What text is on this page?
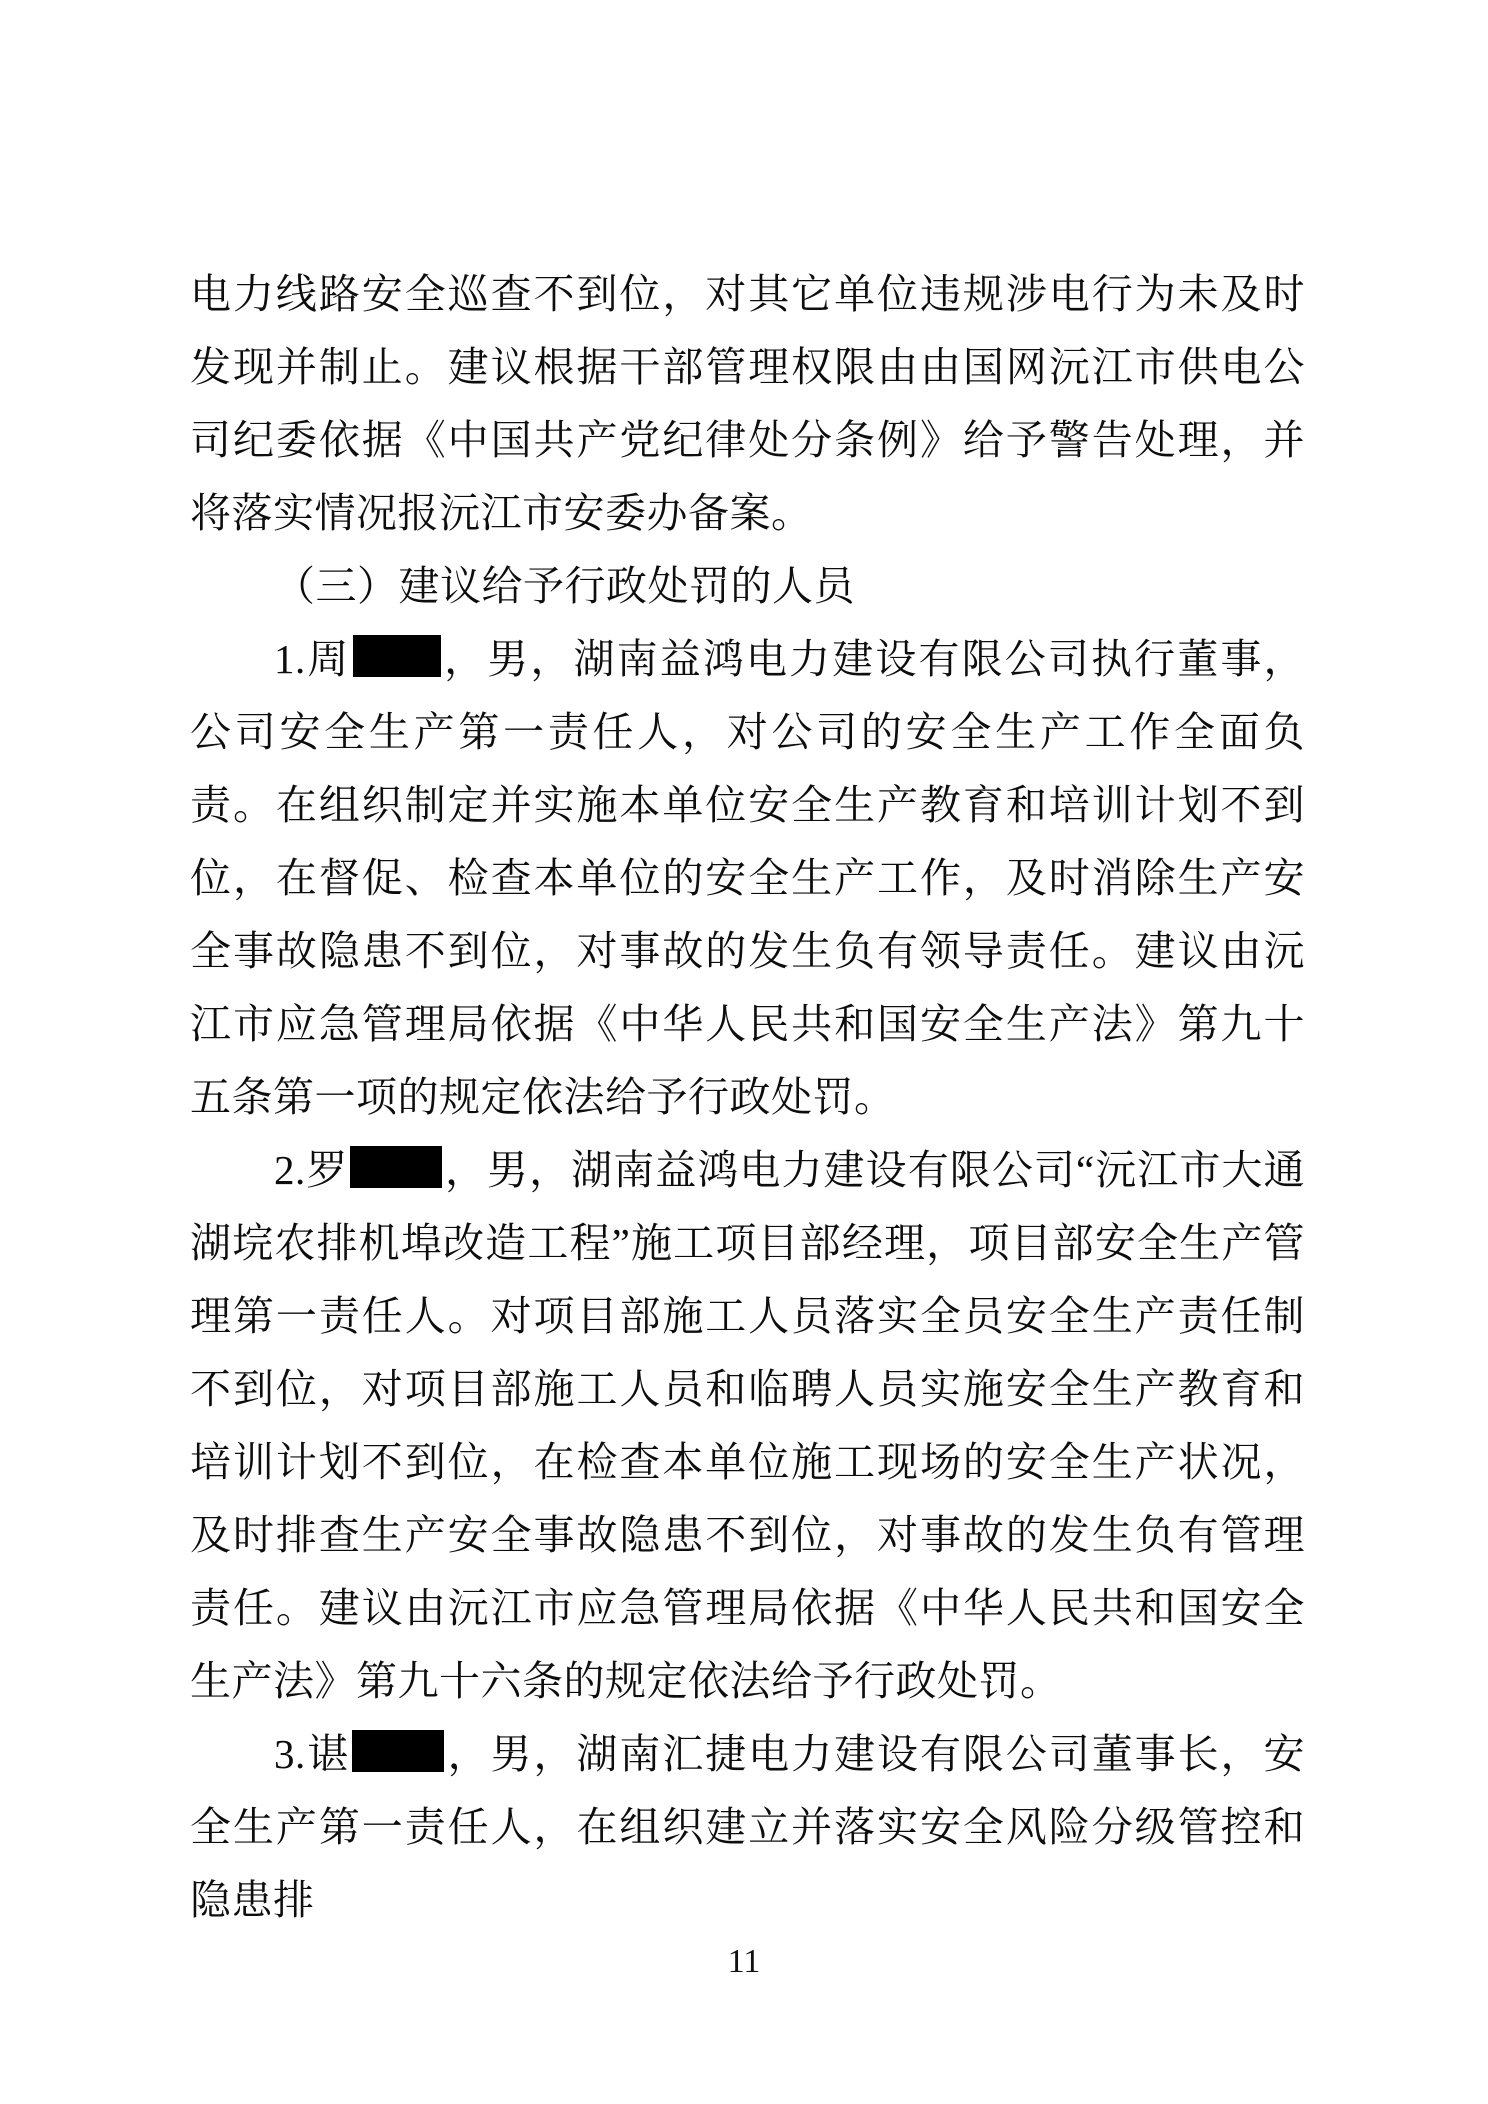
电力线路安全巡查不到位，对其它单位违规涉电行为未及时发现并制止。建议根据干部管理权限由由国网沅江市供电公司纪委依据《中国共产党纪律处分条例》给予警告处理，并将落实情况报沅江市安委办备案。

（三）建议给予行政处罚的人员

1.周 ，男，湖南益鸿电力建设有限公司执行董事，公司安全生产第一责任人，对公司的安全生产工作全面负责。在组织制定并实施本单位安全生产教育和培训计划不到位，在督促、检查本单位的安全生产工作，及时消除生产安全事故隐患不到位，对事故的发生负有领导责任。建议由沅江市应急管理局依据《中华人民共和国安全生产法》第九十五条第一项的规定依法给予行政处罚。

2.罗 ，男，湖南益鸿电力建设有限公司“沅江市大通湖垸农排机埠改造工程”施工项目部经理，项目部安全生产管理第一责任人。对项目部施工人员落实全员安全生产责任制不到位，对项目部施工人员和临聘人员实施安全生产教育和培训计划不到位，在检查本单位施工现场的安全生产状况，及时排查生产安全事故隐患不到位，对事故的发生负有管理责任。建议由沅江市应急管理局依据《中华人民共和国安全生产法》第九十六条的规定依法给予行政处罚。

3.谌 ，男，湖南汇捷电力建设有限公司董事长，安全生产第一责任人，在组织建立并落实安全风险分级管控和隐患排

11
